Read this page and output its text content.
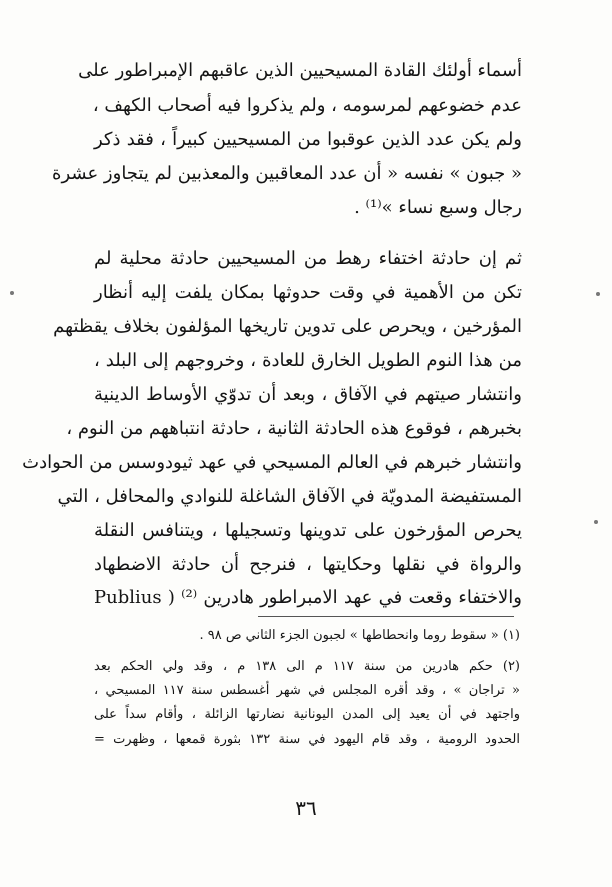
أسماء أولئك القادة المسيحيين الذين عاقبهم الإمبراطور على
عدم خضوعهم لمرسومه ، ولم يذكروا فيه أصحاب الكهف ،
ولم يكن عدد الذين عوقبوا من المسيحيين كبيراً ، فقد ذكر
« جبون » نفسه « أن عدد المعاقبين والمعذبين لم يتجاوز عشرة
رجال وسبع نساء »⁽¹⁾ .
ثم إن حادثة اختفاء رهط من المسيحيين حادثة محلية لم
تكن من الأهمية في وقت حدوثها بمكان يلفت إليه أنظار
المؤرخين ، ويحرص على تدوين تاريخها المؤلفون بخلاف يقظتهم
من هذا النوم الطويل الخارق للعادة ، وخروجهم إلى البلد ،
وانتشار صيتهم في الآفاق ، وبعد أن تدوّي الأوساط الدينية
بخبرهم ، فوقوع هذه الحادثة الثانية ، حادثة انتباههم من النوم ،
وانتشار خبرهم في العالم المسيحي في عهد ثيودوسس من الحوادث
المستفيضة المدويّة في الآفاق الشاغلة للنوادي والمحافل ، التي
يحرص المؤرخون على تدوينها وتسجيلها ، ويتنافس النقلة
والرواة في نقلها وحكايتها ، فنرجح أن حادثة الاضطهاد
والاختفاء وقعت في عهد الامبراطور هادرين ⁽²⁾ ( Publius
(١) « سقوط روما وانحطاطها » لجبون الجزء الثاني ص ٩٨ .
(٢) حكم هادرين من سنة ١١٧ م الى ١٣٨ م ، وقد ولي الحكم بعد
« تراجان » ، وقد أقره المجلس في شهر أغسطس سنة ١١٧ المسيحي ،
واجتهد في أن يعيد إلى المدن اليونانية نضارتها الزائلة ، وأقام سداً على
الحدود الرومية ، وقد قام اليهود في سنة ١٣٢ بثورة قمعها ، وظهرت =
٣٦
